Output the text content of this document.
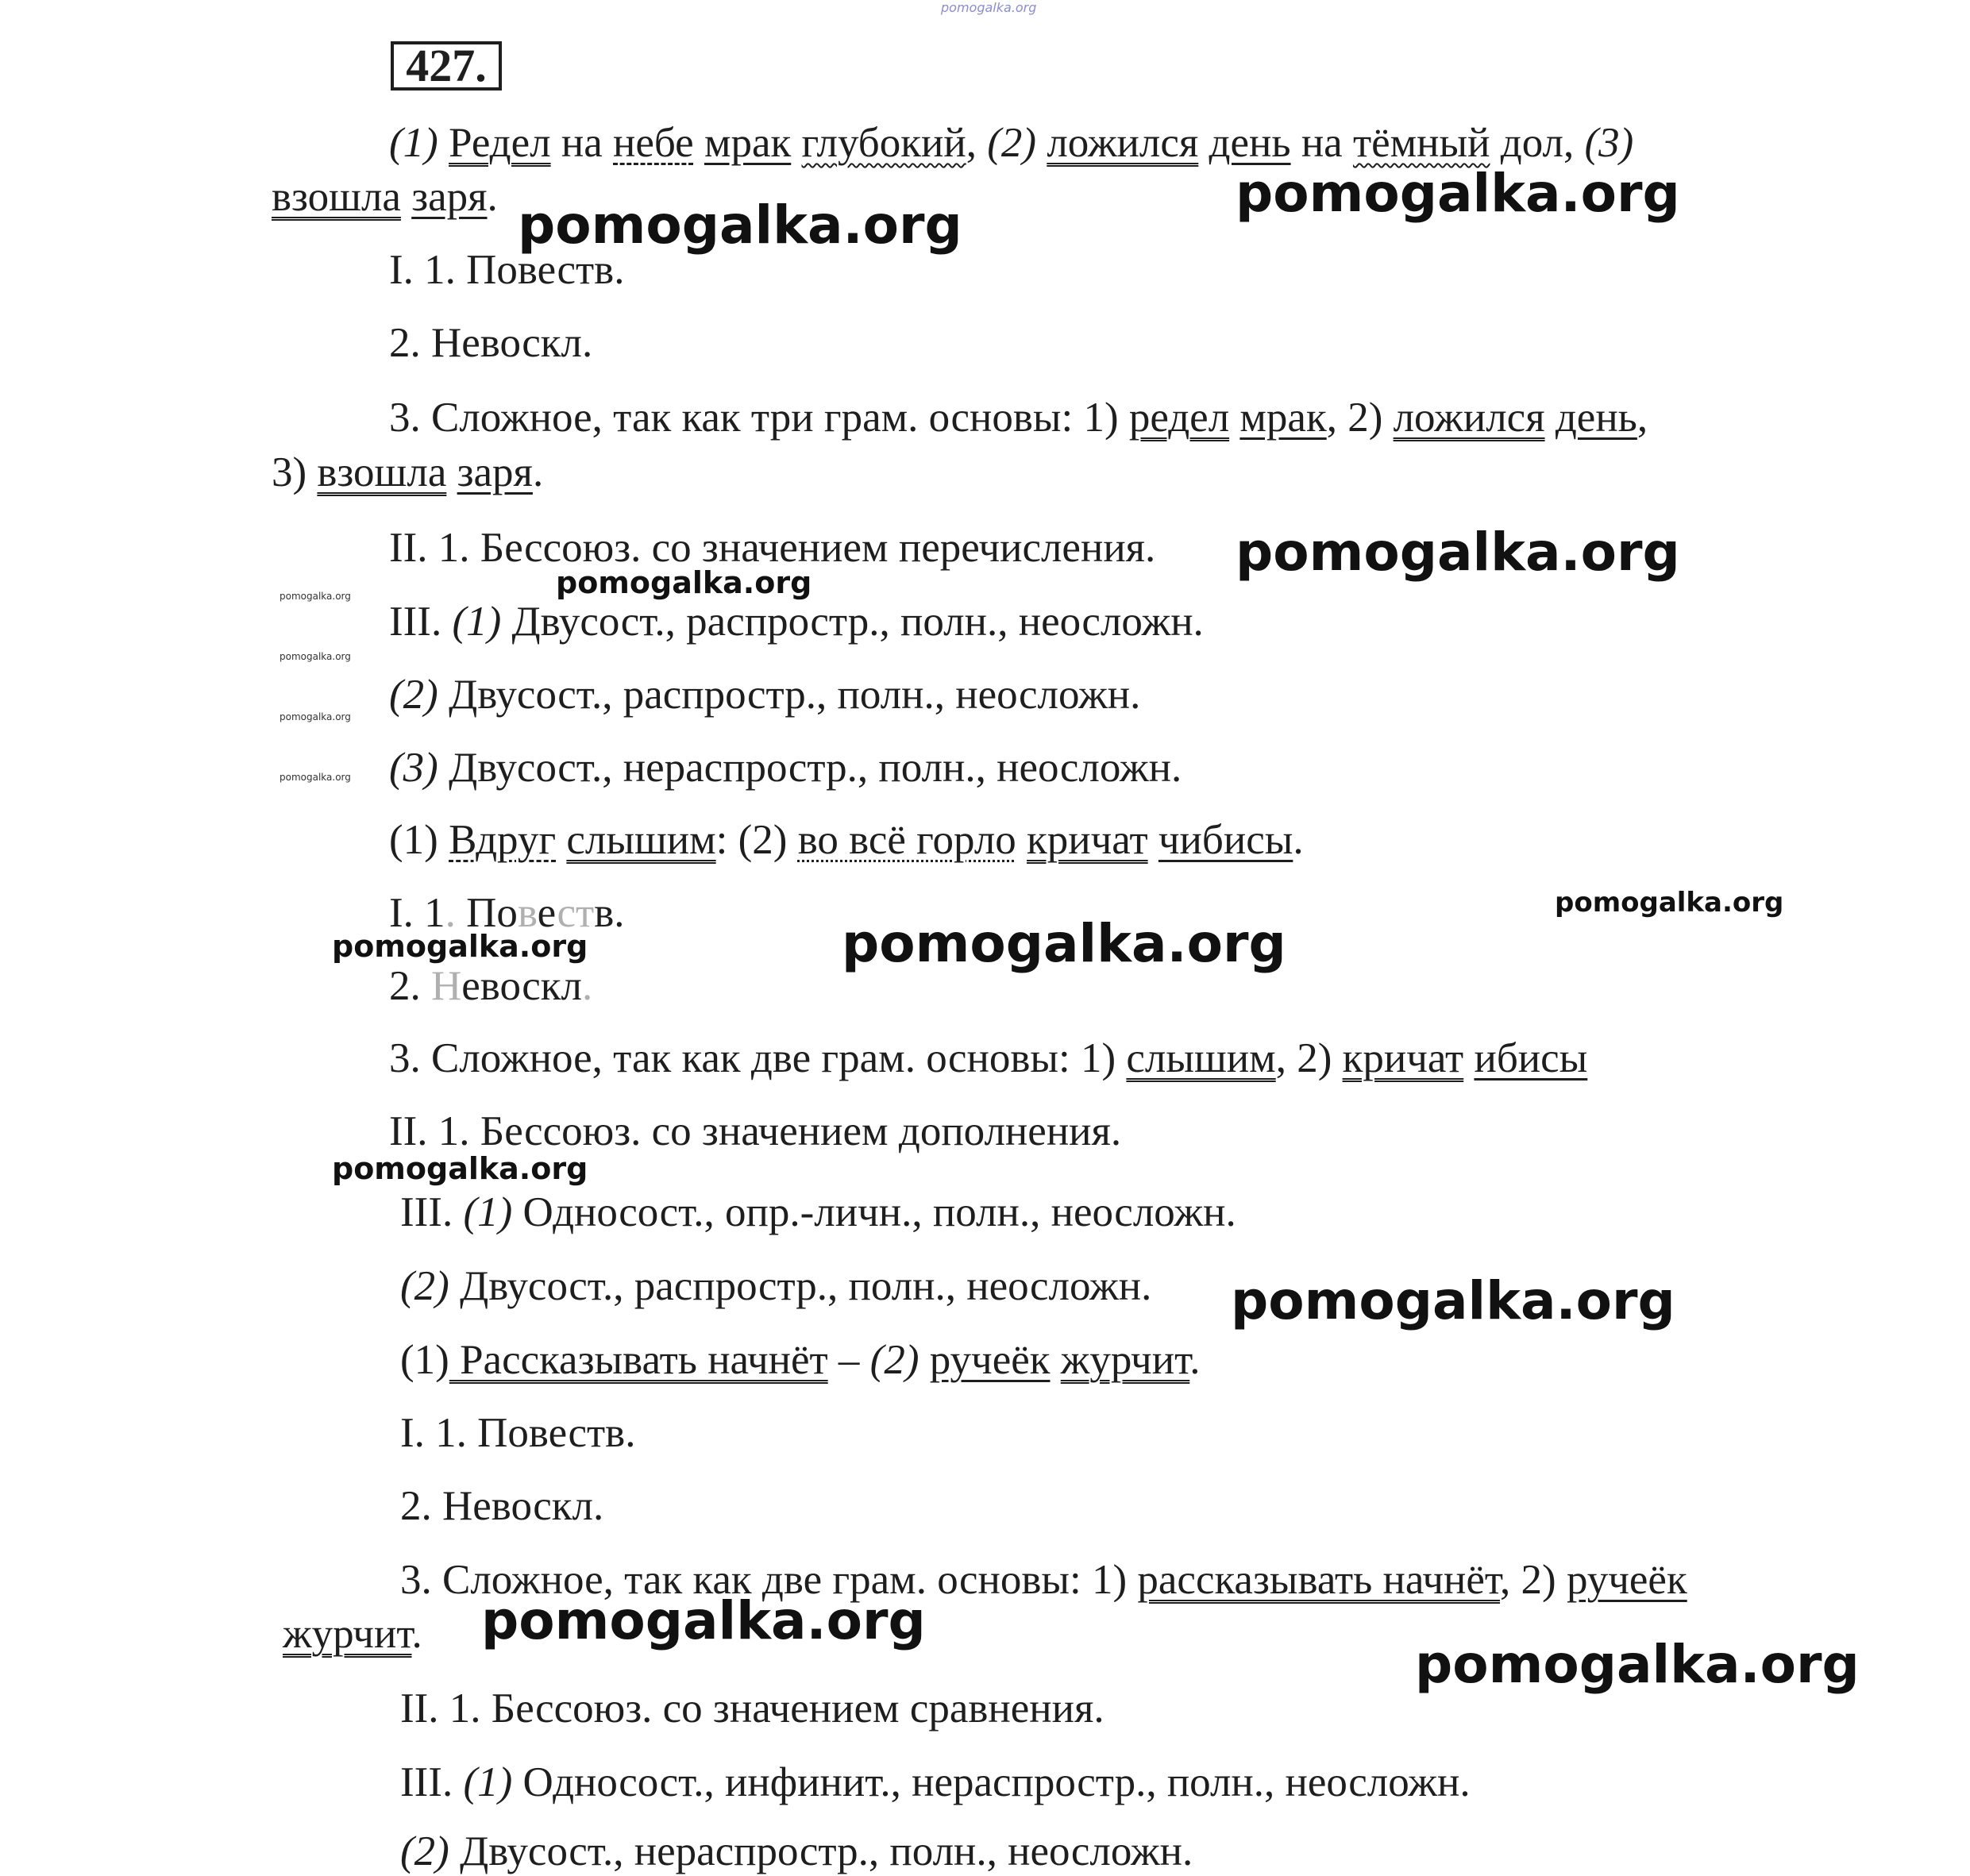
pomogalka.org
427.
(1) Редел на небе мрак глубокий, (2) ложился день на тёмный дол, (3)
взошла заря.
I. 1. Повеств.
2. Невоскл.
3. Сложное, так как три грам. основы: 1) редел мрак, 2) ложился день,
3) взошла заря.
II. 1. Бессоюз. со значением перечисления.
III. (1) Двусост., распростр., полн., неосложн.
(2) Двусост., распростр., полн., неосложн.
(3) Двусост., нераспростр., полн., неосложн.
(1) Вдруг слышим: (2) во всё горло кричат чибисы.
I. 1. Повеств.
2. Невоскл.
3. Сложное, так как две грам. основы: 1) слышим, 2) кричат ибисы
II. 1. Бессоюз. со значением дополнения.
III. (1) Односост., опр.-личн., полн., неосложн.
(2) Двусост., распростр., полн., неосложн.
(1) Рассказывать начнёт – (2) ручеёк журчит.
I. 1. Повеств.
2. Невоскл.
3. Сложное, так как две грам. основы: 1) рассказывать начнёт, 2) ручеёк
журчит.
II. 1. Бессоюз. со значением сравнения.
III. (1) Односост., инфинит., нераспростр., полн., неосложн.
(2) Двусост., нераспростр., полн., неосложн.
pomogalka.org
pomogalka.org
pomogalka.org
pomogalka.org
pomogalka.org
pomogalka.org	pomogalka.org
pomogalka.org
pomogalka.org
pomogalka.org
pomogalka.org
pomogalka.org
pomogalka.org
pomogalka.org
pomogalka.org
